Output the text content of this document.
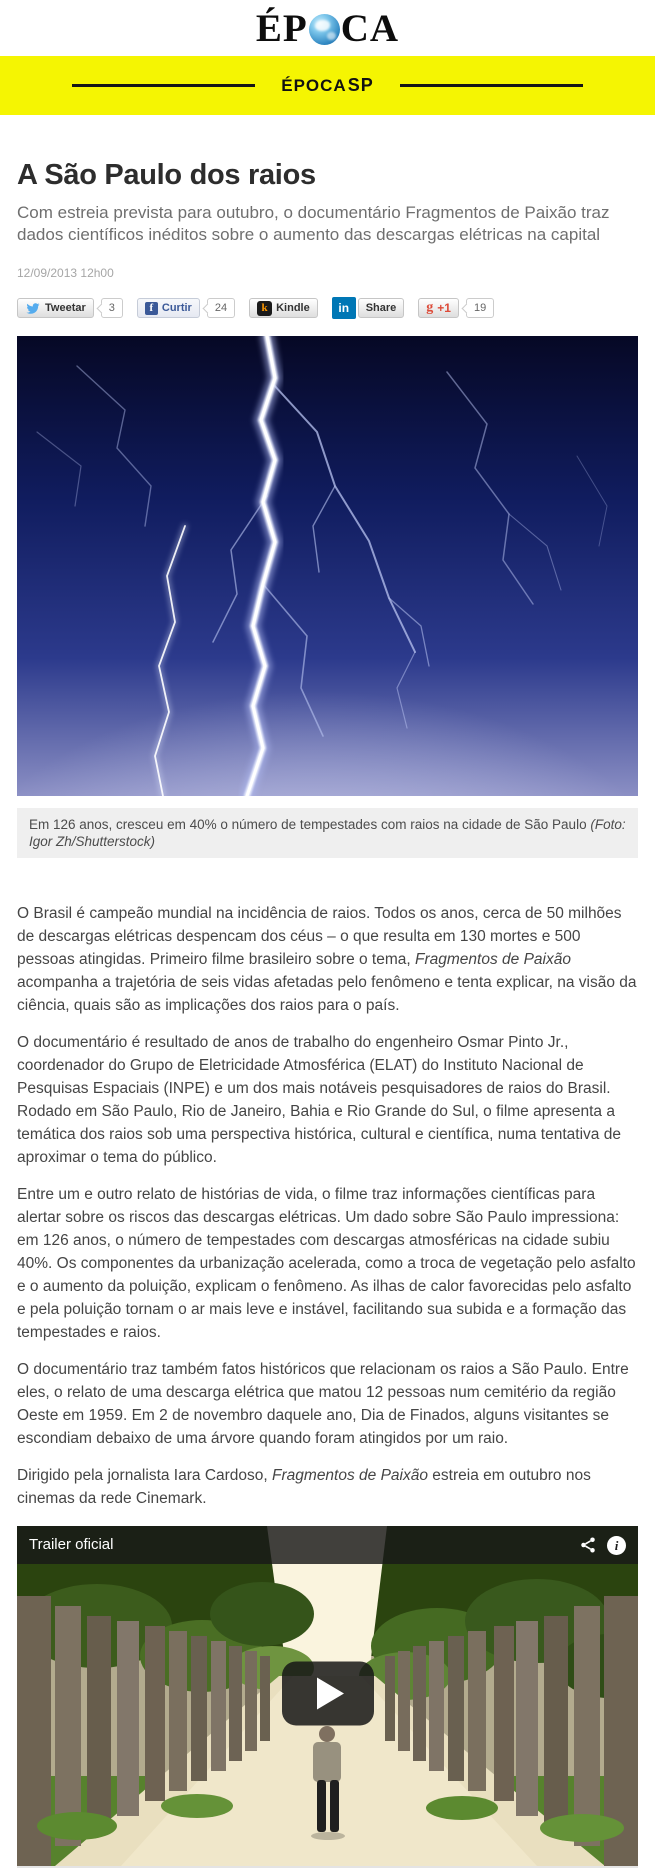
ÉP CA
ÉPOCASP
A São Paulo dos raios

Com estreia prevista para outubro, o documentário Fragmentos de Paixão traz dados científicos inéditos sobre o aumento das descargas elétricas na capital

12/09/2013 12h00
Tweetar	3	f Curtir	24	k Kindle	in	Share g +1	19
Em 126 anos, cresceu em 40% o número de tempestades com raios na cidade de São Paulo (Foto: Igor Zh/Shutterstock)

O Brasil é campeão mundial na incidência de raios. Todos os anos, cerca de 50 milhões de descargas elétricas despencam dos céus – o que resulta em 130 mortes e 500 pessoas atingidas. Primeiro filme brasileiro sobre o tema, Fragmentos de Paixão acompanha a trajetória de seis vidas afetadas pelo fenômeno e tenta explicar, na visão da ciência, quais são as implicações dos raios para o país.

O documentário é resultado de anos de trabalho do engenheiro Osmar Pinto Jr., coordenador do Grupo de Eletricidade Atmosférica (ELAT) do Instituto Nacional de Pesquisas Espaciais (INPE) e um dos mais notáveis pesquisadores de raios do Brasil. Rodado em São Paulo, Rio de Janeiro, Bahia e Rio Grande do Sul, o filme apresenta a temática dos raios sob uma perspectiva histórica, cultural e científica, numa tentativa de aproximar o tema do público.

Entre um e outro relato de histórias de vida, o filme traz informações científicas para alertar sobre os riscos das descargas elétricas. Um dado sobre São Paulo impressiona: em 126 anos, o número de tempestades com descargas atmosféricas na cidade subiu 40%. Os componentes da urbanização acelerada, como a troca de vegetação pelo asfalto e o aumento da poluição, explicam o fenômeno. As ilhas de calor favorecidas pelo asfalto e pela poluição tornam o ar mais leve e instável, facilitando sua subida e a formação das tempestades e raios.

O documentário traz também fatos históricos que relacionam os raios a São Paulo. Entre eles, o relato de uma descarga elétrica que matou 12 pessoas num cemitério da região Oeste em 1959. Em 2 de novembro daquele ano, Dia de Finados, alguns visitantes se escondiam debaixo de uma árvore quando foram atingidos por um raio.

Dirigido pela jornalista Iara Cardoso, Fragmentos de Paixão estreia em outubro nos cinemas da rede Cinemark.

Trailer oficial	i
